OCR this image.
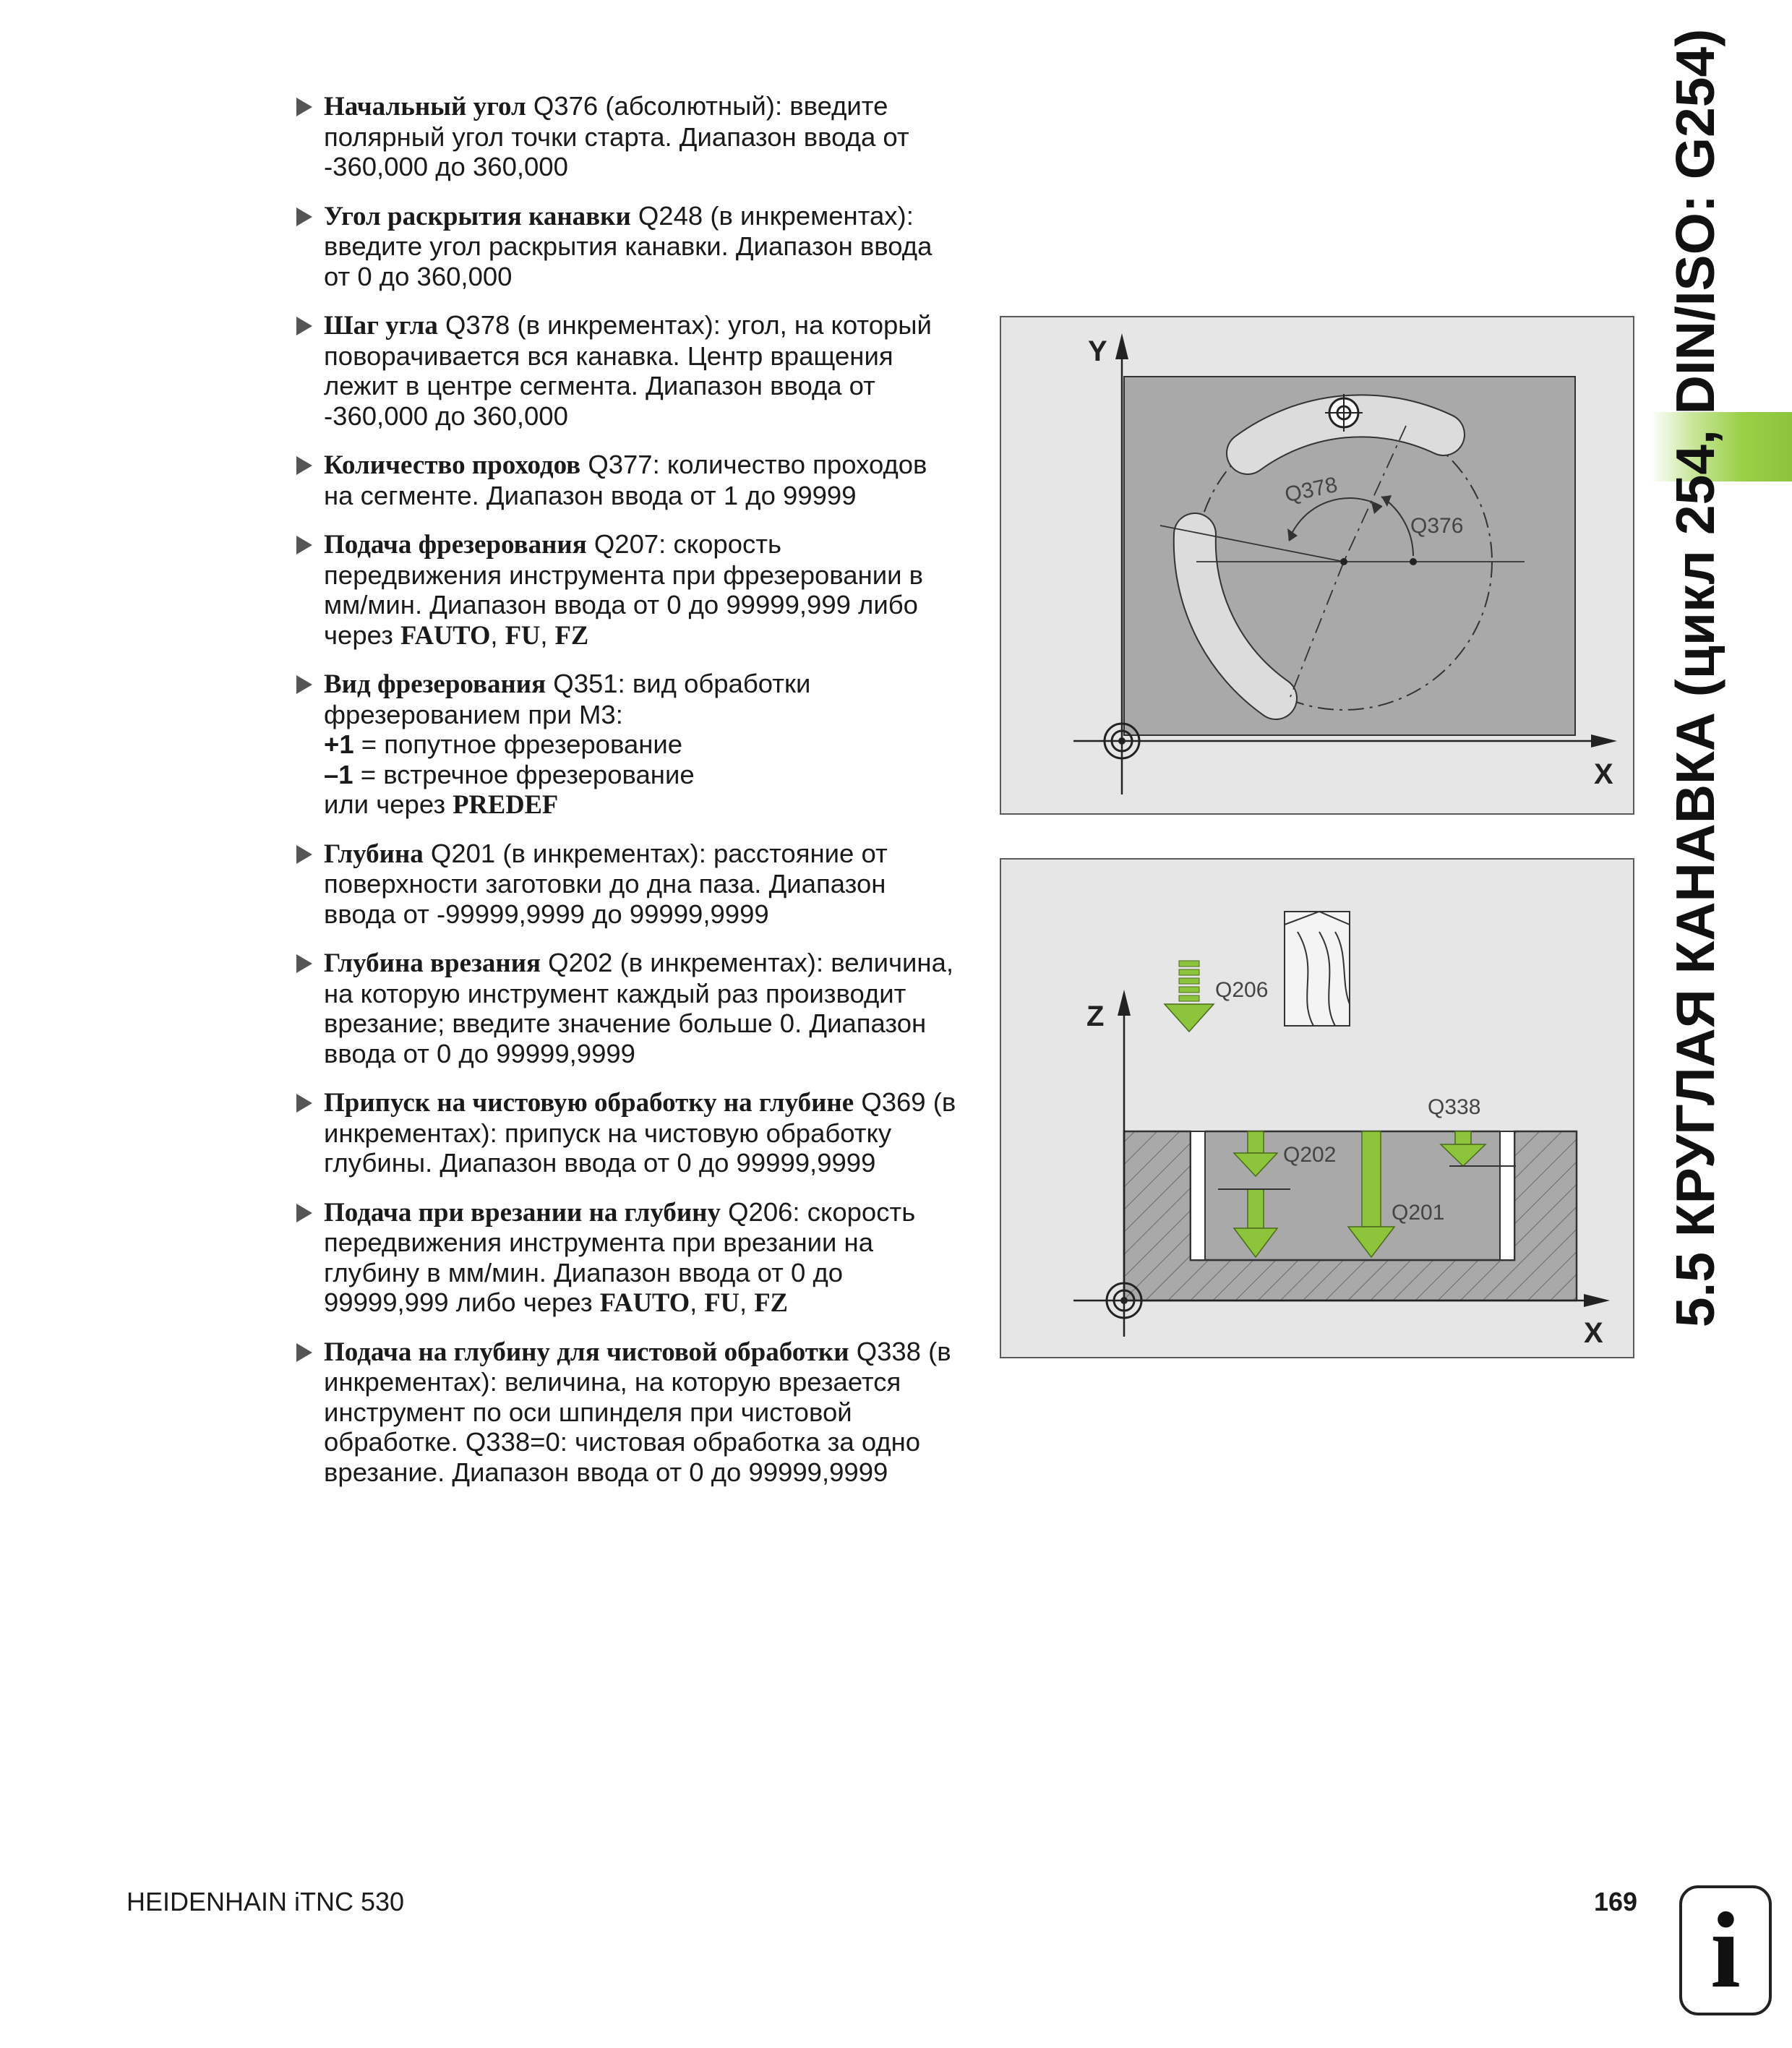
Начальный угол Q376 (абсолютный): введите полярный угол точки старта. Диапазон ввода от -360,000 до 360,000
Угол раскрытия канавки Q248 (в инкрементах): введите угол раскрытия канавки. Диапазон ввода от 0 до 360,000
Шаг угла Q378 (в инкрементах): угол, на который поворачивается вся канавка. Центр вращения лежит в центре сегмента. Диапазон ввода от -360,000 до 360,000
Количество проходов Q377: количество проходов на сегменте. Диапазон ввода от 1 до 99999
Подача фрезерования Q207: скорость передвижения инструмента при фрезеровании в мм/мин. Диапазон ввода от 0 до 99999,999 либо через FAUTO, FU, FZ
Вид фрезерования Q351: вид обработки фрезерованием при M3:
+1 = попутное фрезерование
–1 = встречное фрезерование
или через PREDEF
Глубина Q201 (в инкрементах): расстояние от поверхности заготовки до дна паза. Диапазон ввода от -99999,9999 до 99999,9999
Глубина врезания Q202 (в инкрементах): величина, на которую инструмент каждый раз производит врезание; введите значение больше 0. Диапазон ввода от 0 до 99999,9999
Припуск на чистовую обработку на глубине Q369 (в инкрементах): припуск на чистовую обработку глубины. Диапазон ввода от 0 до 99999,9999
Подача при врезании на глубину Q206: скорость передвижения инструмента при врезании на глубину в мм/мин. Диапазон ввода от 0 до 99999,999 либо через FAUTO, FU, FZ
Подача на глубину для чистовой обработки Q338 (в инкрементах): величина, на которую врезается инструмент по оси шпинделя при чистовой обработке. Q338=0: чистовая обработка за одно врезание. Диапазон ввода от 0 до 99999,9999
Y
X
Q378
Q376
Z
X
Q206
Q202
Q201
Q338	5.5 КРУГЛАЯ КАНАВКА (цикл 254, DIN/ISO: G254)
HEIDENHAIN iTNC 530	169 i
